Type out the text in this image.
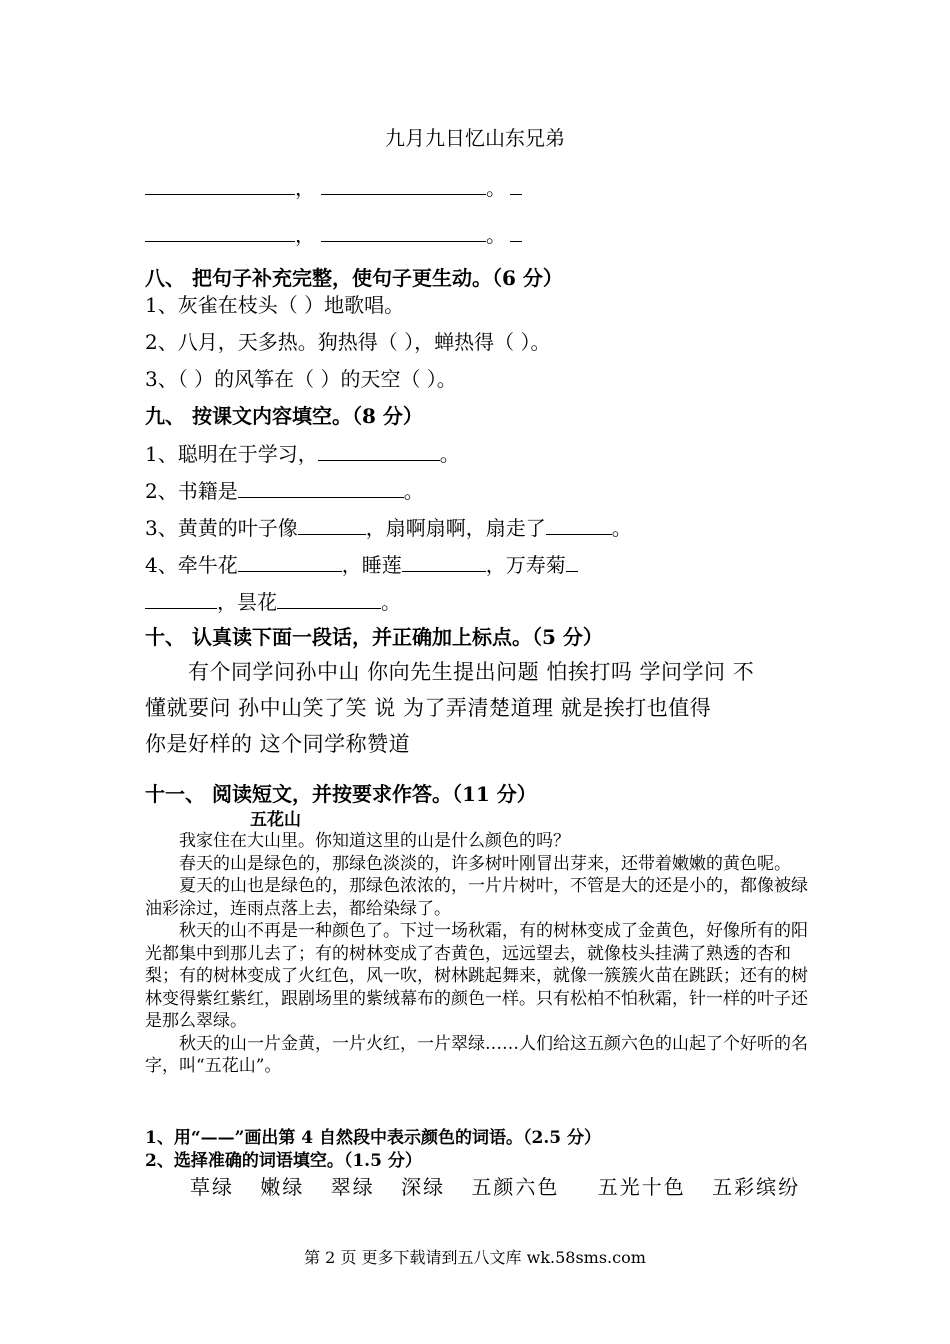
九月九日忆山东兄弟
，	。
，	。
八、 把句子补充完整，使句子更生动。（6 分）
1、灰雀在枝头（ ）地歌唱。
2、八月，天多热。狗热得（ ），蝉热得（ ）。
3、（ ）的风筝在（ ）的天空（ ）。
九、 按课文内容填空。（8 分）
1、聪明在于学习，	。
2、书籍是	。
3、黄黄的叶子像	，扇啊扇啊，扇走了	。
4、牵牛花	，睡莲	，万寿菊
，昙花	。
十、 认真读下面一段话，并正确加上标点。（5 分）
有个同学问孙中山 你向先生提出问题 怕挨打吗 学问学问 不
懂就要问 孙中山笑了笑 说 为了弄清楚道理 就是挨打也值得
你是好样的 这个同学称赞道
十一、 阅读短文，并按要求作答。（11 分）
五花山

我家住在大山里。你知道这里的山是什么颜色的吗？

春天的山是绿色的，那绿色淡淡的，许多树叶刚冒出芽来，还带着嫩嫩的黄色呢。

夏天的山也是绿色的，那绿色浓浓的，一片片树叶，不管是大的还是小的，都像被绿油彩涂过，连雨点落上去，都给染绿了。

秋天的山不再是一种颜色了。下过一场秋霜，有的树林变成了金黄色，好像所有的阳光都集中到那儿去了；有的树林变成了杏黄色，远远望去，就像枝头挂满了熟透的杏和梨；有的树林变成了火红色，风一吹，树林跳起舞来，就像一簇簇火苗在跳跃；还有的树林变得紫红紫红，跟剧场里的紫绒幕布的颜色一样。只有松柏不怕秋霜，针一样的叶子还是那么翠绿。

秋天的山一片金黄，一片火红，一片翠绿……人们给这五颜六色的山起了个好听的名字，叫“五花山”。

1、用“——”画出第 4 自然段中表示颜色的词语。（2.5 分）
2、选择准确的词语填空。（1.5 分）
草绿 嫩绿 翠绿 深绿 五颜六色 五光十色 五彩缤纷
第 2 页 更多下载请到五八文库 wk.58sms.com
